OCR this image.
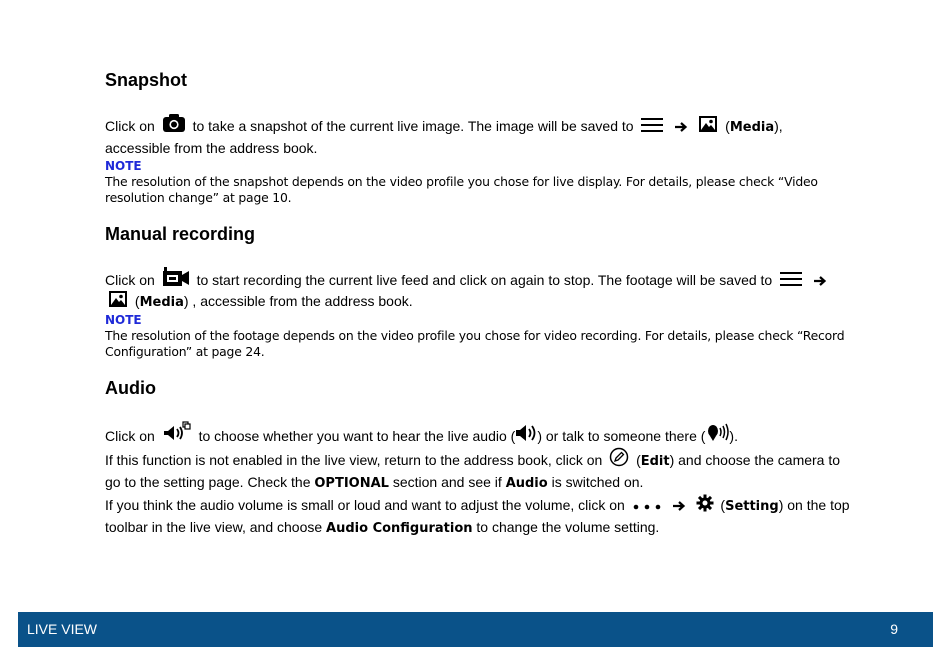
Snapshot

Click on	to take a snapshot of the current live image. The image will be saved to

	(Media), accessible from the address book.

NOTE
The resolution of the snapshot depends on the video profile you chose for live display. For details, please check “Video resolution change” at page 10.
Manual recording

Click on	to start recording the current live feed and click on again to stop. The footage will be saved to

(Media) , accessible from the address book.

NOTE
The resolution of the footage depends on the video profile you chose for video recording. For details, please check “Record Configuration” at page 24.
Audio

Click on	to choose whether you want to hear the live audio ( ) or talk to someone there ( ).

If this function is not enabled in the live view, return to the address book, click on (Edit) and choose the camera to go to the setting page. Check the OPTIONAL section and see if Audio is switched on.

If you think the audio volume is small or loud and want to adjust the volume, click on

	(Setting) on the top toolbar in the live view, and choose Audio Configuration to change the volume setting.

LIVE VIEW	9
